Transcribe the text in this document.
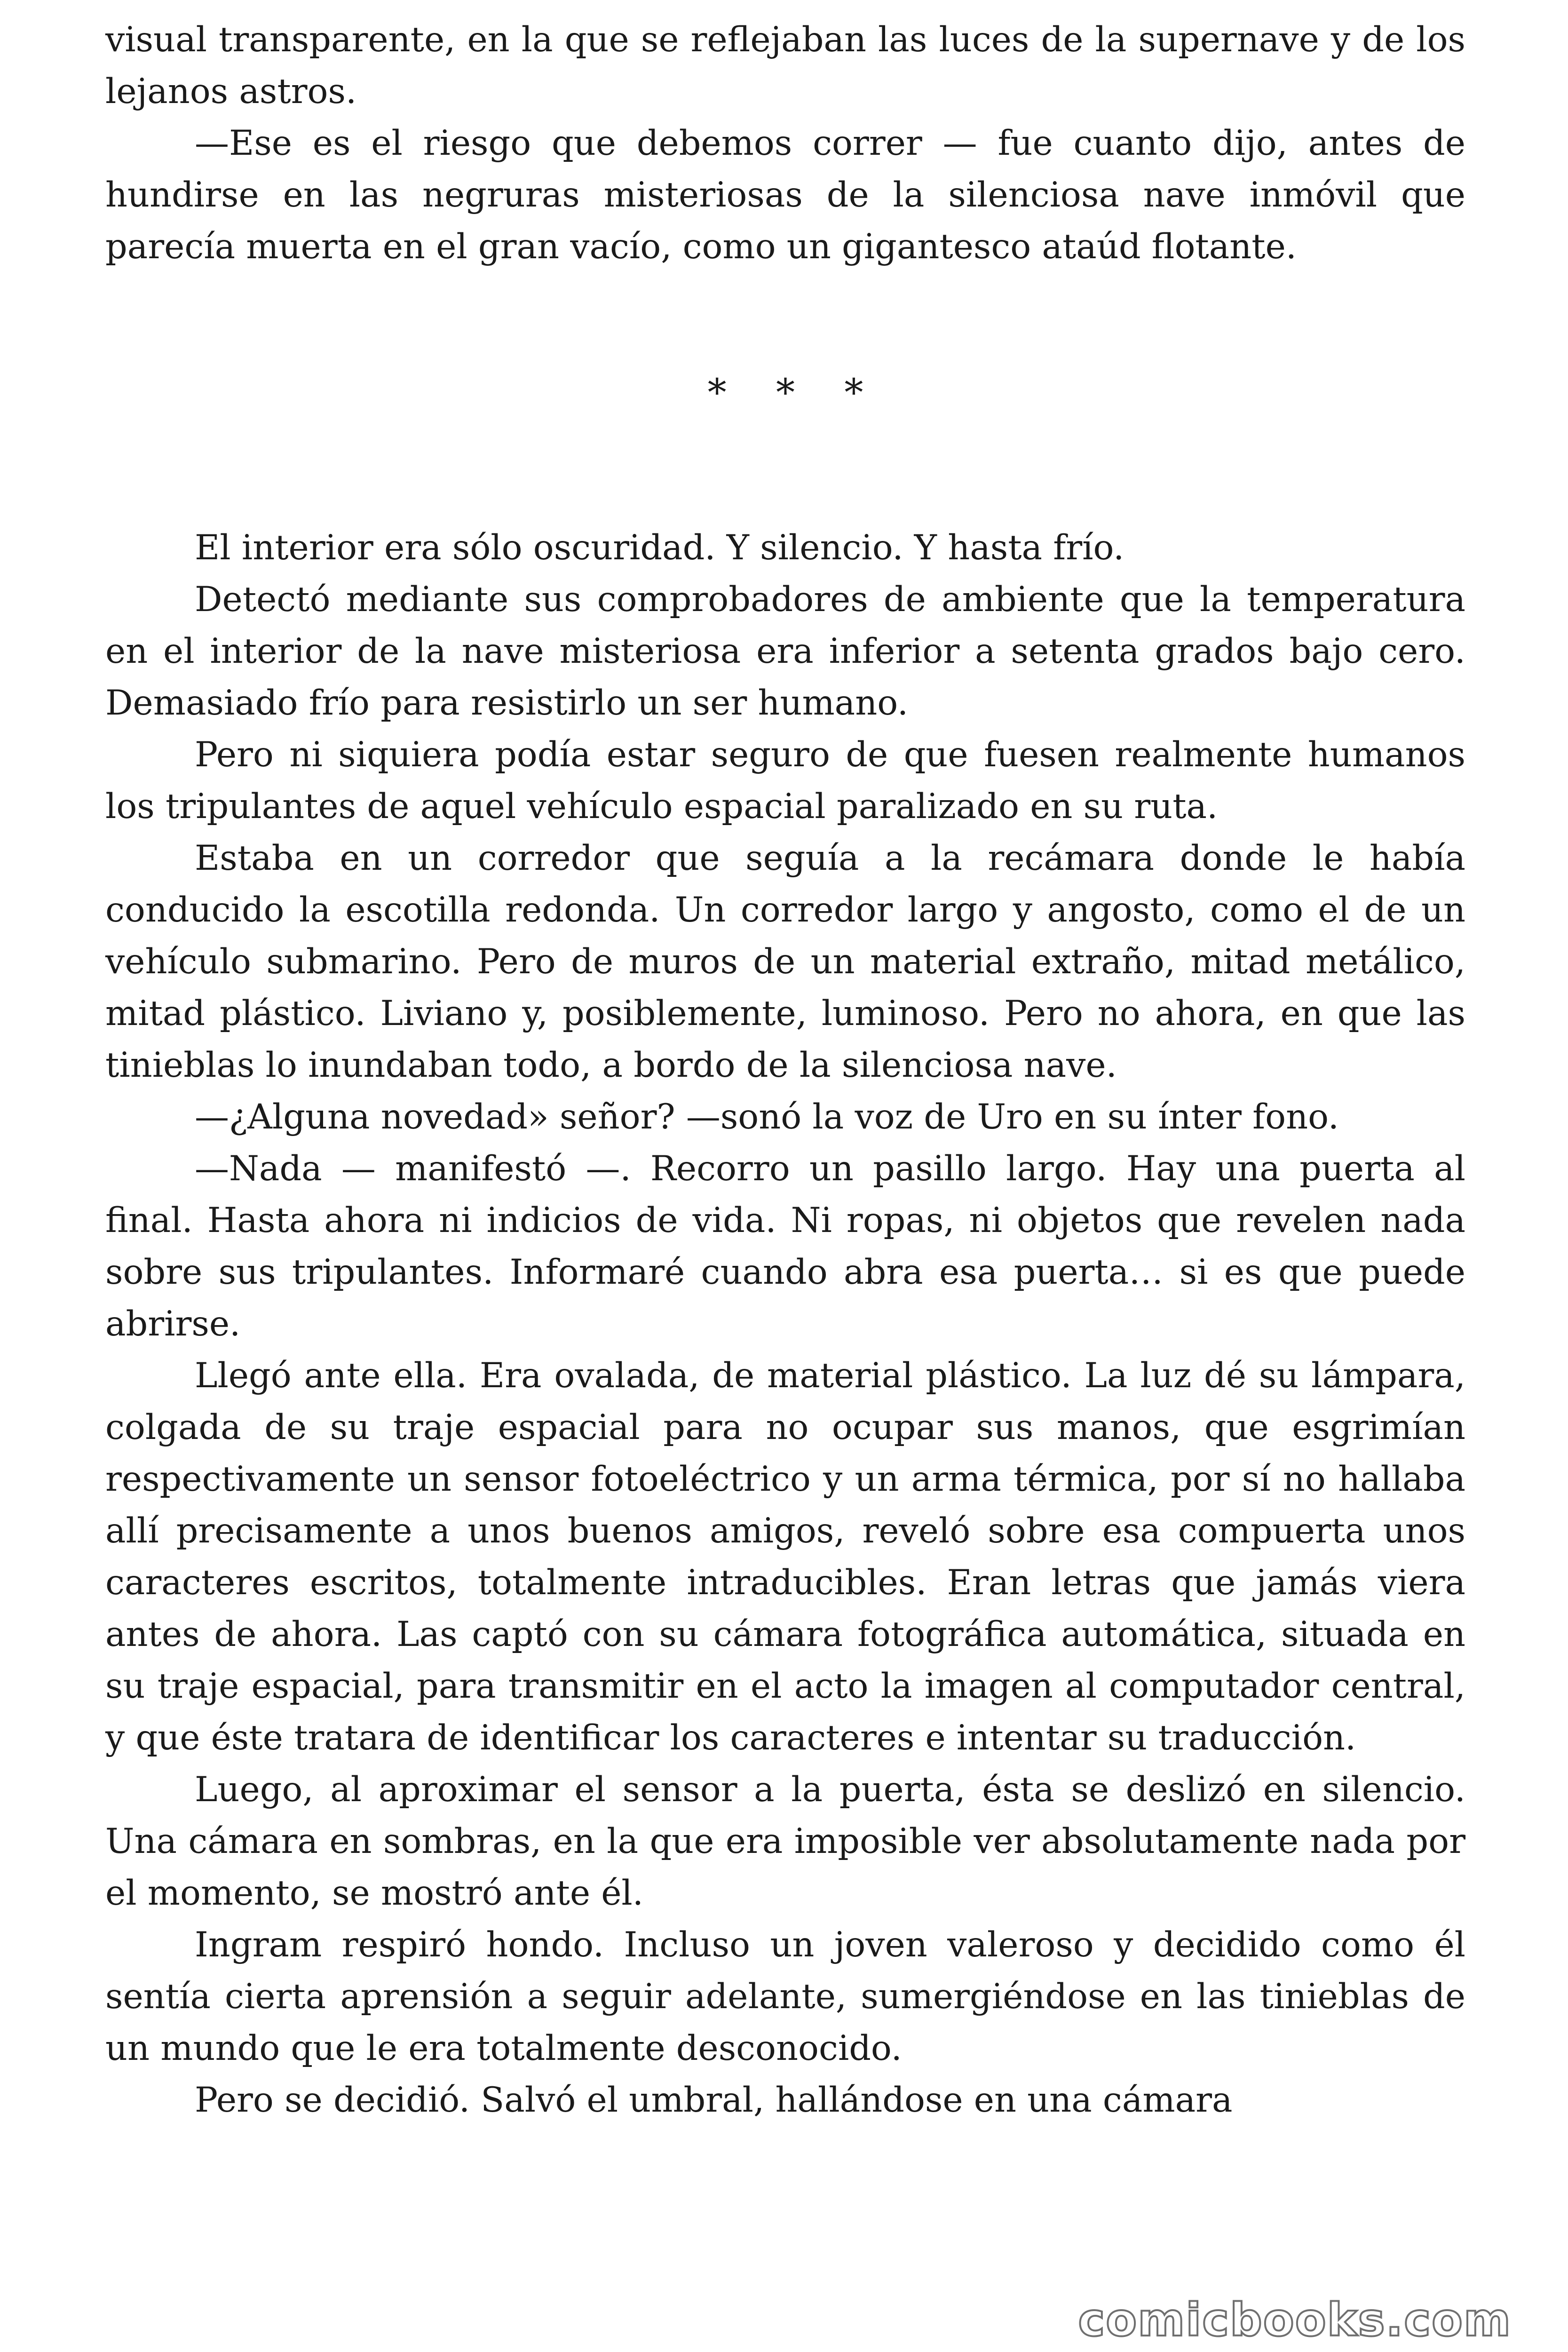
visual transparente, en la que se reflejaban las luces de la supernave y de los lejanos astros.

—Ese es el riesgo que debemos correr — fue cuanto dijo, antes de hundirse en las negruras misteriosas de la silenciosa nave inmóvil que parecía muerta en el gran vacío, como un gigantesco ataúd flotante.

* * *

El interior era sólo oscuridad. Y silencio. Y hasta frío.

Detectó mediante sus comprobadores de ambiente que la temperatura en el interior de la nave misteriosa era inferior a setenta grados bajo cero. Demasiado frío para resistirlo un ser humano.

Pero ni siquiera podía estar seguro de que fuesen realmente humanos los tripulantes de aquel vehículo espacial paralizado en su ruta.

Estaba en un corredor que seguía a la recámara donde le había conducido la escotilla redonda. Un corredor largo y angosto, como el de un vehículo submarino. Pero de muros de un material extraño, mitad metálico, mitad plástico. Liviano y, posiblemente, luminoso. Pero no ahora, en que las tinieblas lo inundaban todo, a bordo de la silenciosa nave.

—¿Alguna novedad» señor? —sonó la voz de Uro en su ínter fono.

—Nada — manifestó —. Recorro un pasillo largo. Hay una puerta al final. Hasta ahora ni indicios de vida. Ni ropas, ni objetos que revelen nada sobre sus tripulantes. Informaré cuando abra esa puerta… si es que puede abrirse.

Llegó ante ella. Era ovalada, de material plástico. La luz dé su lámpara, colgada de su traje espacial para no ocupar sus manos, que esgrimían respectivamente un sensor fotoeléctrico y un arma térmica, por sí no hallaba allí precisamente a unos buenos amigos, reveló sobre esa compuerta unos caracteres escritos, totalmente intraducibles. Eran letras que jamás viera antes de ahora. Las captó con su cámara fotográfica automática, situada en su traje espacial, para transmitir en el acto la imagen al computador central, y que éste tratara de identificar los caracteres e intentar su traducción.

Luego, al aproximar el sensor a la puerta, ésta se deslizó en silencio. Una cámara en sombras, en la que era imposible ver absolutamente nada por el momento, se mostró ante él.

Ingram respiró hondo. Incluso un joven valeroso y decidido como él sentía cierta aprensión a seguir adelante, sumergiéndose en las tinieblas de un mundo que le era totalmente desconocido.

Pero se decidió. Salvó el umbral, hallándose en una cámara

comicbooks.com
